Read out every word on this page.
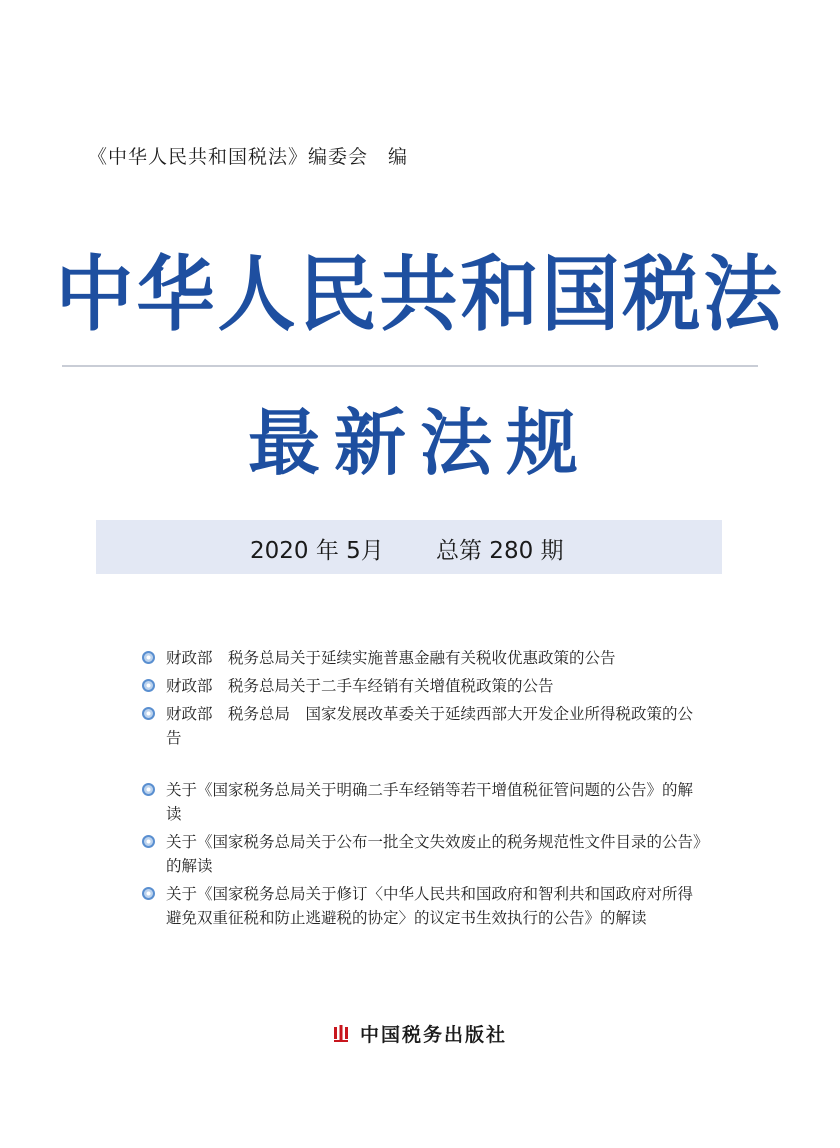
《中华人民共和国税法》编委会　编
中华人民共和国税法
最新法规
2020 年 5月 总第 280 期
财政部　税务总局关于延续实施普惠金融有关税收优惠政策的公告
财政部　税务总局关于二手车经销有关增值税政策的公告
财政部　税务总局　国家发展改革委关于延续西部大开发企业所得税政策的公告
关于《国家税务总局关于明确二手车经销等若干增值税征管问题的公告》的解读
关于《国家税务总局关于公布一批全文失效废止的税务规范性文件目录的公告》的解读
关于《国家税务总局关于修订〈中华人民共和国政府和智利共和国政府对所得避免双重征税和防止逃避税的协定〉的议定书生效执行的公告》的解读
中国税务出版社
